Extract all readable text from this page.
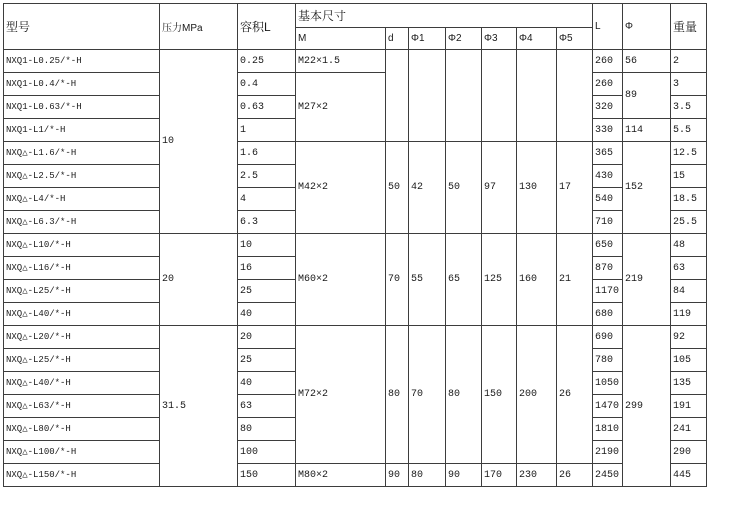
型号	压力MPa	容积L	基本尺寸							L	Φ	重量
			M	d	Φ1	Φ2	Φ3	Φ4	Φ5			
NXQ1-L0.25/*-H	10	0.25	M22×1.5							260	56	2
NXQ1-L0.4/*-H		0.4	M27×2							260	89	3
NXQ1-L0.63/*-H		0.63								320		3.5
NXQ1-L1/*-H		1								330	114	5.5
NXQ△-L1.6/*-H		1.6	M42×2	50	42	50	97	130	17	365	152	12.5
NXQ△-L2.5/*-H		2.5								430		15
NXQ△-L4/*-H		4								540		18.5
NXQ△-L6.3/*-H		6.3								710		25.5
NXQ△-L10/*-H	20	10	M60×2	70	55	65	125	160	21	650	219	48
NXQ△-L16/*-H		16								870		63
NXQ△-L25/*-H		25								1170		84
NXQ△-L40/*-H		40								680		119
NXQ△-L20/*-H	31.5	20	M72×2	80	70	80	150	200	26	690	299	92
NXQ△-L25/*-H		25								780		105
NXQ△-L40/*-H		40								1050		135
NXQ△-L63/*-H		63								1470		191
NXQ△-L80/*-H		80								1810		241
NXQ△-L100/*-H		100								2190		290
NXQ△-L150/*-H		150	M80×2	90	80	90	170	230	26	2450		445
